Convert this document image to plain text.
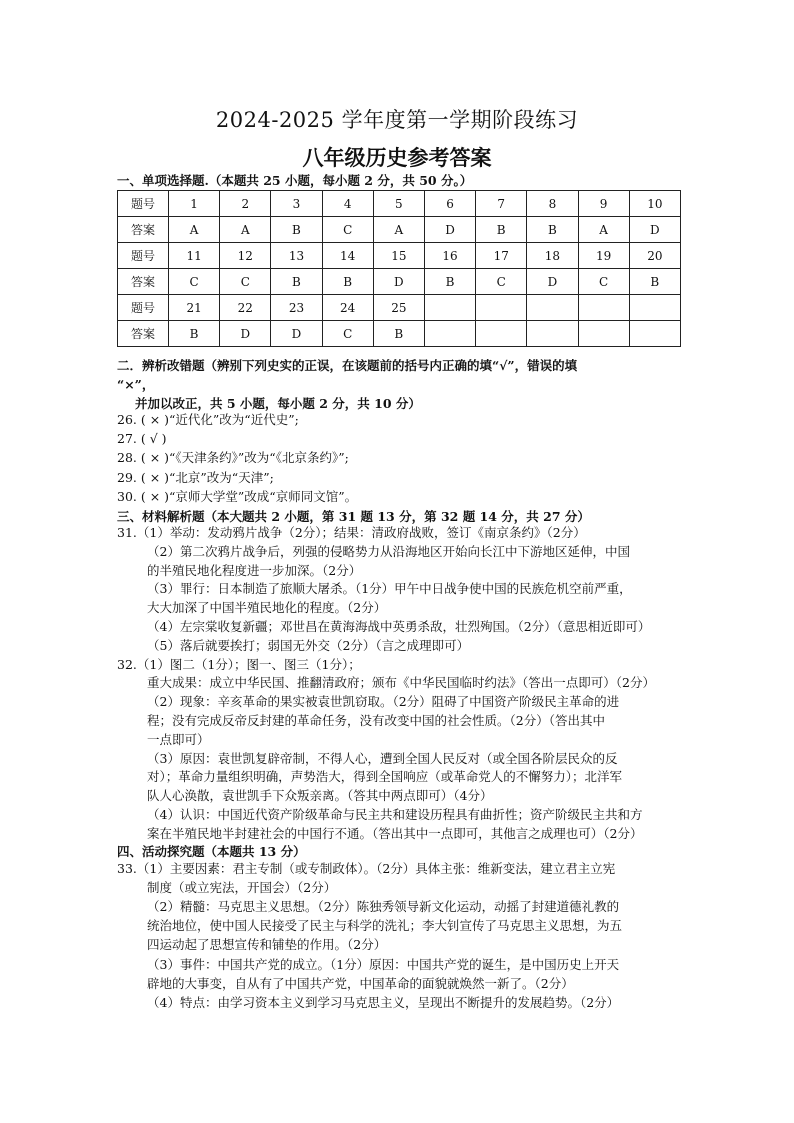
2024-2025 学年度第一学期阶段练习
八年级历史参考答案
一、单项选择题.（本题共 25 小题，每小题 2 分，共 50 分。）
题号	1	2	3	4	5	6	7	8	9	10
答案	A	A	B	C	A	D	B	B	A	D
题号	11	12	13	14	15	16	17	18	19	20
答案	C	C	B	B	D	B	C	D	C	B
题号	21	22	23	24	25					
答案	B	D	D	C	B					
二．辨析改错题（辨别下列史实的正误，在该题前的括号内正确的填“√”，错误的填
“×”，
并加以改正，共 5 小题，每小题 2 分，共 10 分）
26. ( × )“近代化”改为“近代史”;
27. ( √ )
28. ( × )“《天津条约》”改为“《北京条约》”;
29. ( × )“北京”改为“天津”;
30. ( × )“京师大学堂”改成“京师同文馆”。
三、材料解析题（本大题共 2 小题，第 31 题 13 分，第 32 题 14 分，共 27 分）
31.（1）举动：发动鸦片战争（2分）；结果：清政府战败，签订《南京条约》（2分）
（2）第二次鸦片战争后，列强的侵略势力从沿海地区开始向长江中下游地区延伸，中国
的半殖民地化程度进一步加深。（2分）
（3）罪行：日本制造了旅顺大屠杀。（1分）甲午中日战争使中国的民族危机空前严重，
大大加深了中国半殖民地化的程度。（2分）
（4）左宗棠收复新疆；邓世昌在黄海海战中英勇杀敌，壮烈殉国。（2分）（意思相近即可）
（5）落后就要挨打；弱国无外交（2分）（言之成理即可）
32.（1）图二（1分）；图一、图三（1分）；
重大成果：成立中华民国、推翻清政府；颁布《中华民国临时约法》（答出一点即可）（2分）
（2）现象：辛亥革命的果实被袁世凯窃取。（2分）阻碍了中国资产阶级民主革命的进
程；没有完成反帝反封建的革命任务，没有改变中国的社会性质。（2分）（答出其中
一点即可）
（3）原因：袁世凯复辟帝制，不得人心，遭到全国人民反对（或全国各阶层民众的反
对）；革命力量组织明确，声势浩大，得到全国响应（或革命党人的不懈努力）；北洋军
队人心涣散，袁世凯手下众叛亲离。（答其中两点即可）（4分）
（4）认识：中国近代资产阶级革命与民主共和建设历程具有曲折性；资产阶级民主共和方
案在半殖民地半封建社会的中国行不通。（答出其中一点即可，其他言之成理也可）（2分）
四、活动探究题（本题共 13 分）
33.（1）主要因素：君主专制（或专制政体）。（2分）具体主张：维新变法，建立君主立宪
制度（或立宪法，开国会）（2分）
（2）精髓：马克思主义思想。（2分）陈独秀领导新文化运动，动摇了封建道德礼教的
统治地位，使中国人民接受了民主与科学的洗礼；李大钊宣传了马克思主义思想，为五
四运动起了思想宣传和铺垫的作用。（2分）
（3）事件：中国共产党的成立。（1分）原因：中国共产党的诞生，是中国历史上开天
辟地的大事变，自从有了中国共产党，中国革命的面貌就焕然一新了。（2分）
（4）特点：由学习资本主义到学习马克思主义，呈现出不断提升的发展趋势。（2分）
